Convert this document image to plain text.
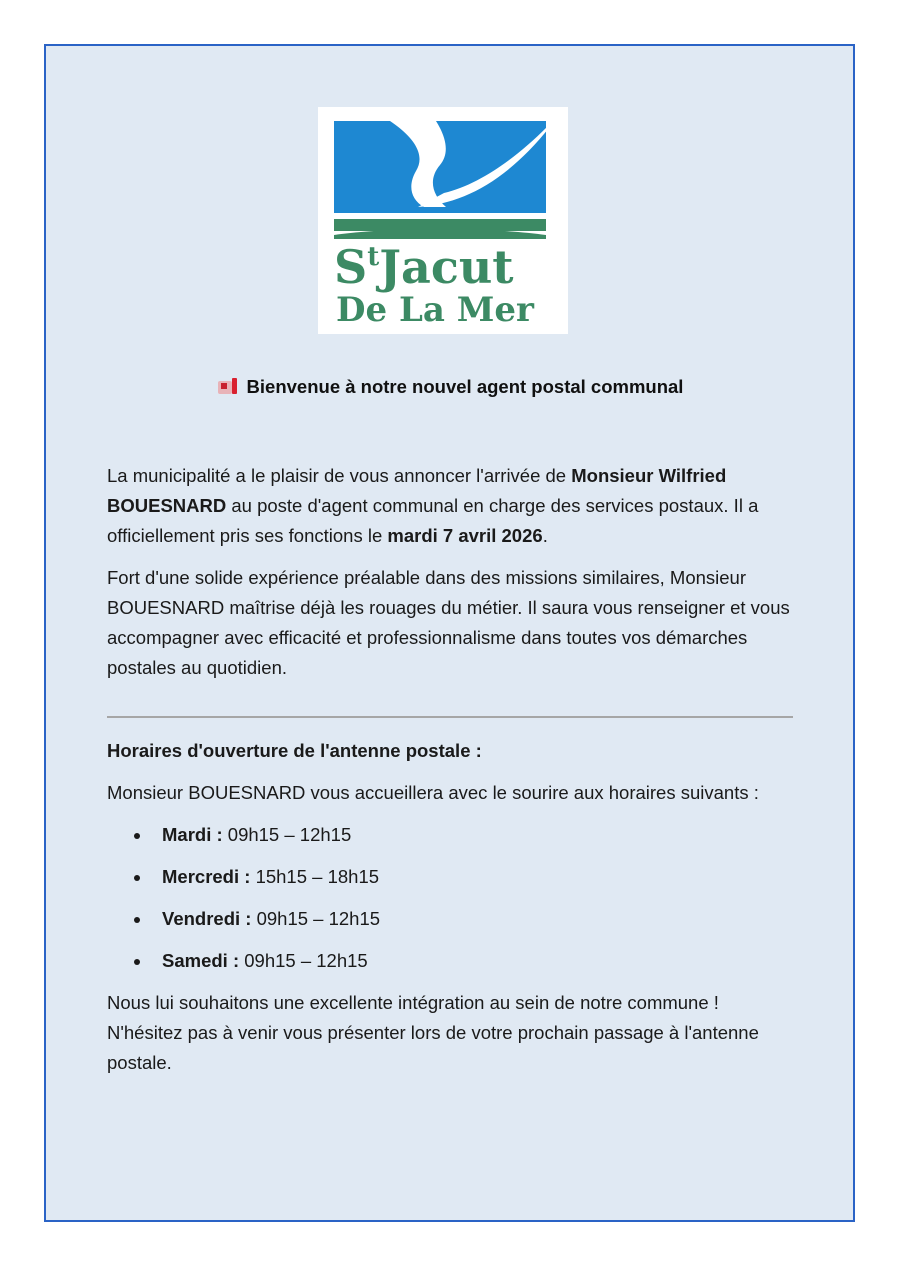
$S^tJacut$
De La Mer
Bienvenue à notre nouvel agent postal communal

La municipalité a le plaisir de vous annoncer l'arrivée de Monsieur Wilfried BOUESNARD au poste d'agent communal en charge des services postaux. Il a officiellement pris ses fonctions le mardi 7 avril 2026.

Fort d'une solide expérience préalable dans des missions similaires, Monsieur BOUESNARD maîtrise déjà les rouages du métier. Il saura vous renseigner et vous accompagner avec efficacité et professionnalisme dans toutes vos démarches postales au quotidien.

Horaires d'ouverture de l'antenne postale :

Monsieur BOUESNARD vous accueillera avec le sourire aux horaires suivants :

Mardi : 09h15 – 12h15
Mercredi : 15h15 – 18h15
Vendredi : 09h15 – 12h15
Samedi : 09h15 – 12h15

Nous lui souhaitons une excellente intégration au sein de notre commune ! N'hésitez pas à venir vous présenter lors de votre prochain passage à l'antenne postale.
